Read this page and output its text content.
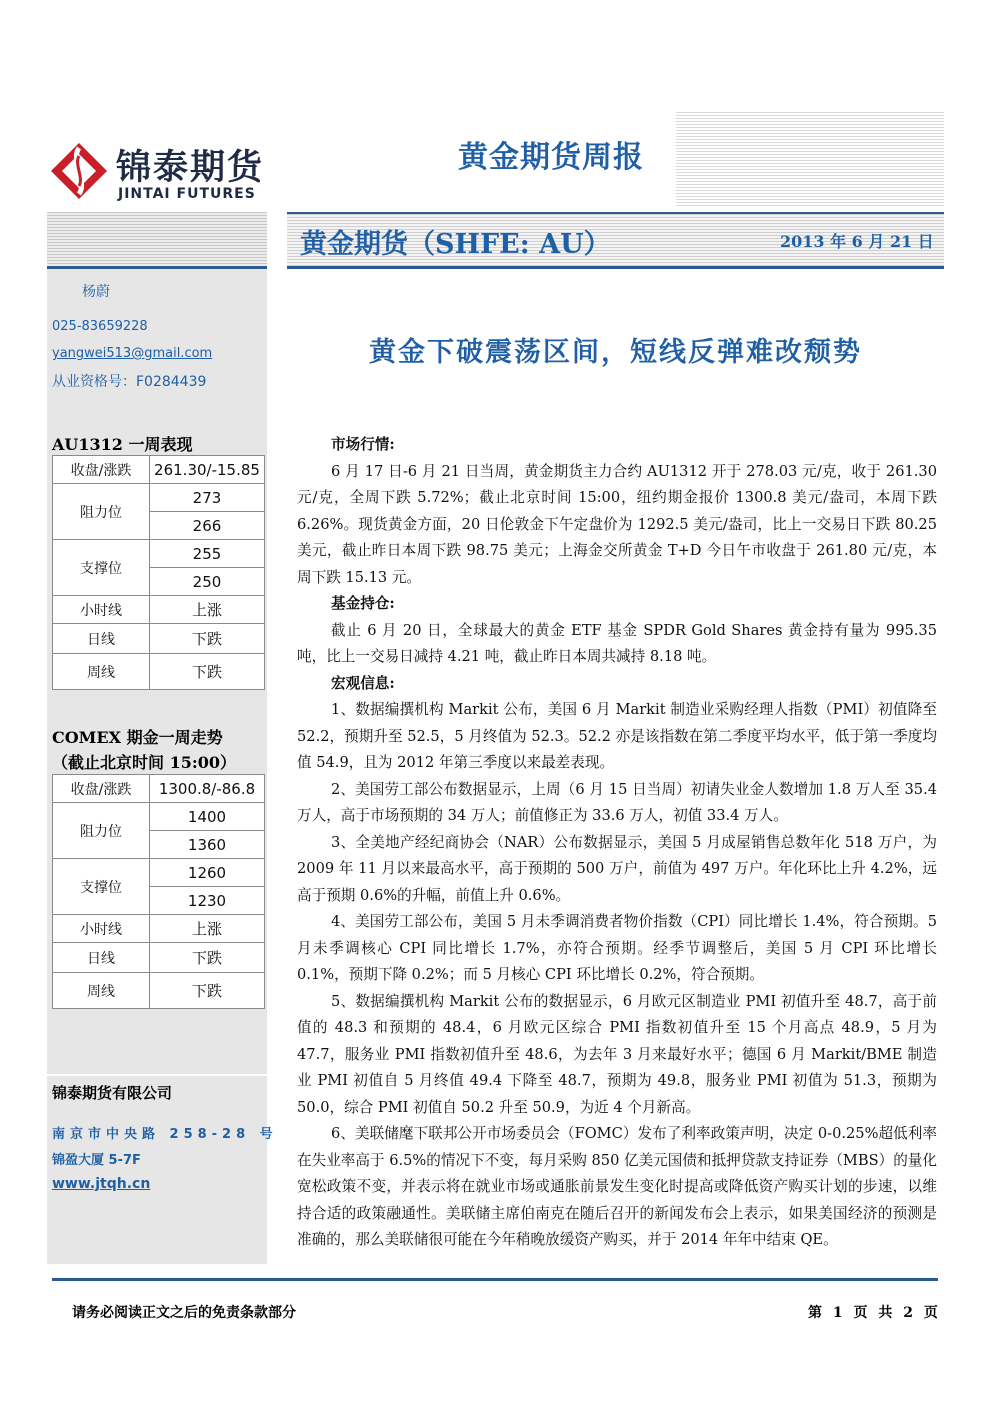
锦泰期货
JINTAI FUTURES
黄金期货周报
杨蔚
025-83659228
yangwei513@gmail.com
从业资格号：F0284439
AU1312 一周表现
收盘/涨跌	261.30/-15.85
阻力位	273
	266
支撑位	255
	250
小时线	上涨
日线	下跌
周线	下跌
COMEX 期金一周走势
（截止北京时间 15:00）
收盘/涨跌	1300.8/-86.8
阻力位	1400
	1360
支撑位	1260
	1230
小时线	上涨
日线	下跌
周线	下跌
锦泰期货有限公司
南京市中央路 258-28 号
锦盈大厦 5-7F
www.jtqh.cn
黄金期货（SHFE: AU）	2013 年 6 月 21 日
黄金下破震荡区间，短线反弹难改颓势

市场行情:

6 月 17 日-6 月 21 日当周，黄金期货主力合约 AU1312 开于 278.03 元/克，收于 261.30 元/克，全周下跌 5.72%；截止北京时间 15:00，纽约期金报价 1300.8 美元/盎司，本周下跌 6.26%。现货黄金方面，20 日伦敦金下午定盘价为 1292.5 美元/盎司，比上一交易日下跌 80.25 美元，截止昨日本周下跌 98.75 美元；上海金交所黄金 T+D 今日午市收盘于 261.80 元/克，本周下跌 15.13 元。

基金持仓:

截止 6 月 20 日，全球最大的黄金 ETF 基金 SPDR Gold Shares 黄金持有量为 995.35 吨，比上一交易日减持 4.21 吨，截止昨日本周共减持 8.18 吨。

宏观信息:

1、数据编撰机构 Markit 公布，美国 6 月 Markit 制造业采购经理人指数（PMI）初值降至 52.2，预期升至 52.5，5 月终值为 52.3。52.2 亦是该指数在第二季度平均水平，低于第一季度均值 54.9，且为 2012 年第三季度以来最差表现。

2、美国劳工部公布数据显示，上周（6 月 15 日当周）初请失业金人数增加 1.8 万人至 35.4 万人，高于市场预期的 34 万人；前值修正为 33.6 万人，初值 33.4 万人。

3、全美地产经纪商协会（NAR）公布数据显示，美国 5 月成屋销售总数年化 518 万户，为 2009 年 11 月以来最高水平，高于预期的 500 万户，前值为 497 万户。年化环比上升 4.2%，远高于预期 0.6%的升幅，前值上升 0.6%。

4、美国劳工部公布，美国 5 月未季调消费者物价指数（CPI）同比增长 1.4%，符合预期。5 月未季调核心 CPI 同比增长 1.7%，亦符合预期。经季节调整后，美国 5 月 CPI 环比增长 0.1%，预期下降 0.2%；而 5 月核心 CPI 环比增长 0.2%，符合预期。

5、数据编撰机构 Markit 公布的数据显示，6 月欧元区制造业 PMI 初值升至 48.7，高于前值的 48.3 和预期的 48.4，6 月欧元区综合 PMI 指数初值升至 15 个月高点 48.9，5 月为 47.7，服务业 PMI 指数初值升至 48.6，为去年 3 月来最好水平；德国 6 月 Markit/BME 制造业 PMI 初值自 5 月终值 49.4 下降至 48.7，预期为 49.8，服务业 PMI 初值为 51.3，预期为 50.0，综合 PMI 初值自 50.2 升至 50.9，为近 4 个月新高。

6、美联储麾下联邦公开市场委员会（FOMC）发布了利率政策声明，决定 0-0.25%超低利率在失业率高于 6.5%的情况下不变，每月采购 850 亿美元国债和抵押贷款支持证券（MBS）的量化宽松政策不变，并表示将在就业市场或通胀前景发生变化时提高或降低资产购买计划的步速，以维持合适的政策融通性。美联储主席伯南克在随后召开的新闻发布会上表示，如果美国经济的预测是准确的，那么美联储很可能在今年稍晚放缓资产购买，并于 2014 年年中结束 QE。

请务必阅读正文之后的免责条款部分	第 1 页 共 2 页
